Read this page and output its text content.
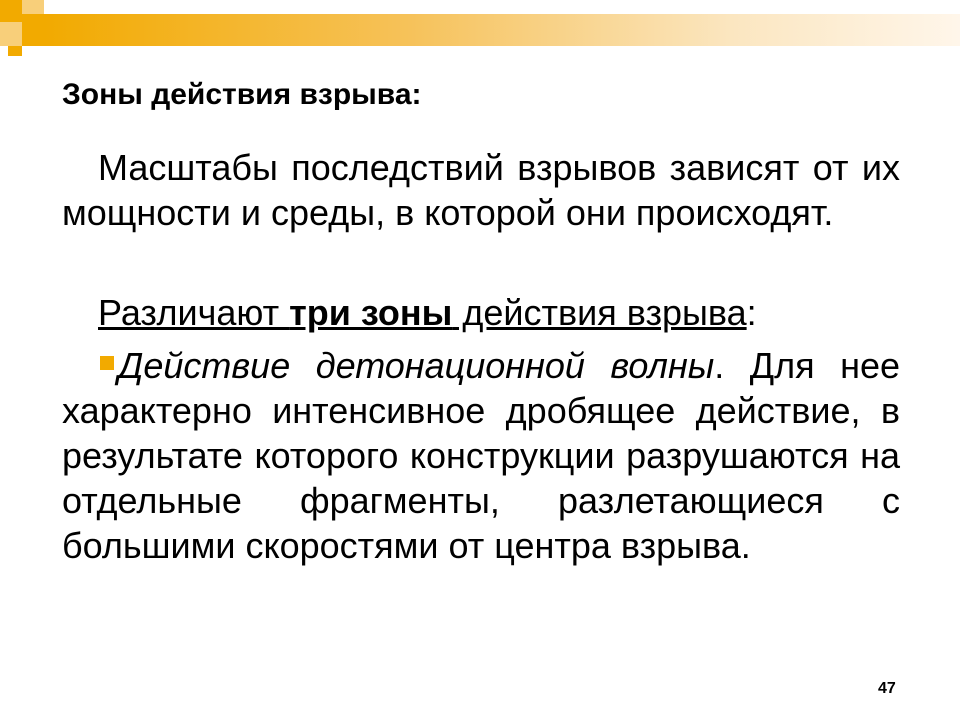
Зоны действия взрыва:

Масштабы последствий взрывов зависят от их мощности и среды, в которой они происходят.

Различают три зоны действия взрыва:

Действие детонационной волны. Для нее характерно интенсивное дробящее действие, в результате которого конструкции разрушаются на отдельные фрагменты, разлетающиеся с большими скоростями от центра взрыва.

47
